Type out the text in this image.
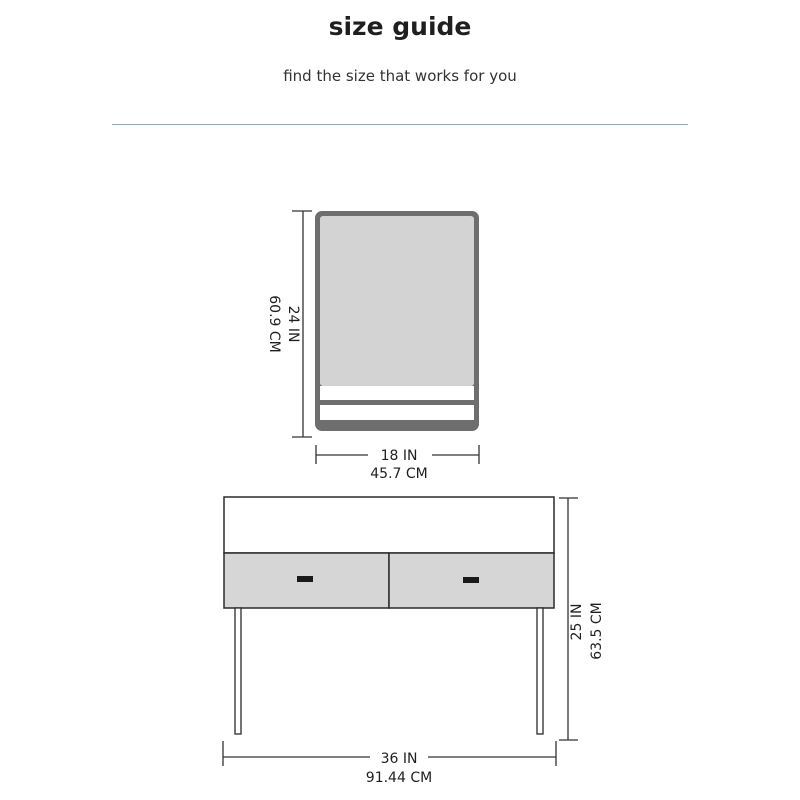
size guide
find the size that works for you
24 IN
60.9 CM
18 IN
45.7 CM
25 IN 63.5 CM
36 IN
91.44 CM
